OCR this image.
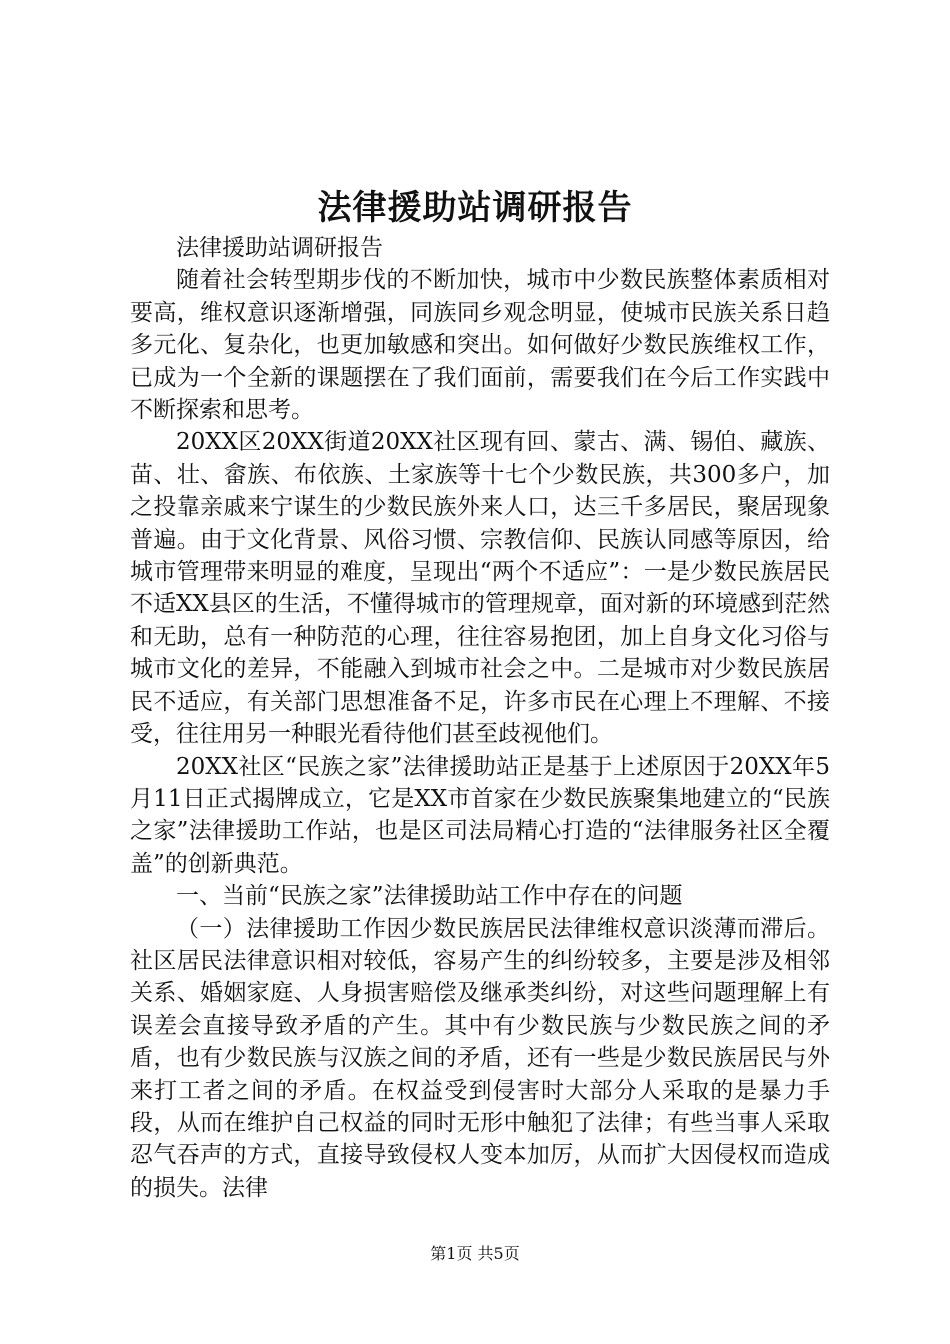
法律援助站调研报告

法律援助站调研报告

随着社会转型期步伐的不断加快，城市中少数民族整体素质相对要高，维权意识逐渐增强，同族同乡观念明显，使城市民族关系日趋多元化、复杂化，也更加敏感和突出。如何做好少数民族维权工作，已成为一个全新的课题摆在了我们面前，需要我们在今后工作实践中不断探索和思考。

20XX区20XX街道20XX社区现有回、蒙古、满、锡伯、藏族、苗、壮、畲族、布依族、土家族等十七个少数民族，共300多户，加之投靠亲戚来宁谋生的少数民族外来人口，达三千多居民，聚居现象普遍。由于文化背景、风俗习惯、宗教信仰、民族认同感等原因，给城市管理带来明显的难度，呈现出“两个不适应”：一是少数民族居民不适XX县区的生活，不懂得城市的管理规章，面对新的环境感到茫然和无助，总有一种防范的心理，往往容易抱团，加上自身文化习俗与城市文化的差异，不能融入到城市社会之中。二是城市对少数民族居民不适应，有关部门思想准备不足，许多市民在心理上不理解、不接受，往往用另一种眼光看待他们甚至歧视他们。

20XX社区“民族之家”法律援助站正是基于上述原因于20XX年5月11日正式揭牌成立，它是XX市首家在少数民族聚集地建立的“民族之家”法律援助工作站，也是区司法局精心打造的“法律服务社区全覆盖”的创新典范。

一、当前“民族之家”法律援助站工作中存在的问题

（一）法律援助工作因少数民族居民法律维权意识淡薄而滞后。社区居民法律意识相对较低，容易产生的纠纷较多，主要是涉及相邻关系、婚姻家庭、人身损害赔偿及继承类纠纷，对这些问题理解上有误差会直接导致矛盾的产生。其中有少数民族与少数民族之间的矛盾，也有少数民族与汉族之间的矛盾，还有一些是少数民族居民与外来打工者之间的矛盾。在权益受到侵害时大部分人采取的是暴力手段，从而在维护自己权益的同时无形中触犯了法律；有些当事人采取忍气吞声的方式，直接导致侵权人变本加厉，从而扩大因侵权而造成的损失。法律

第1页 共5页
